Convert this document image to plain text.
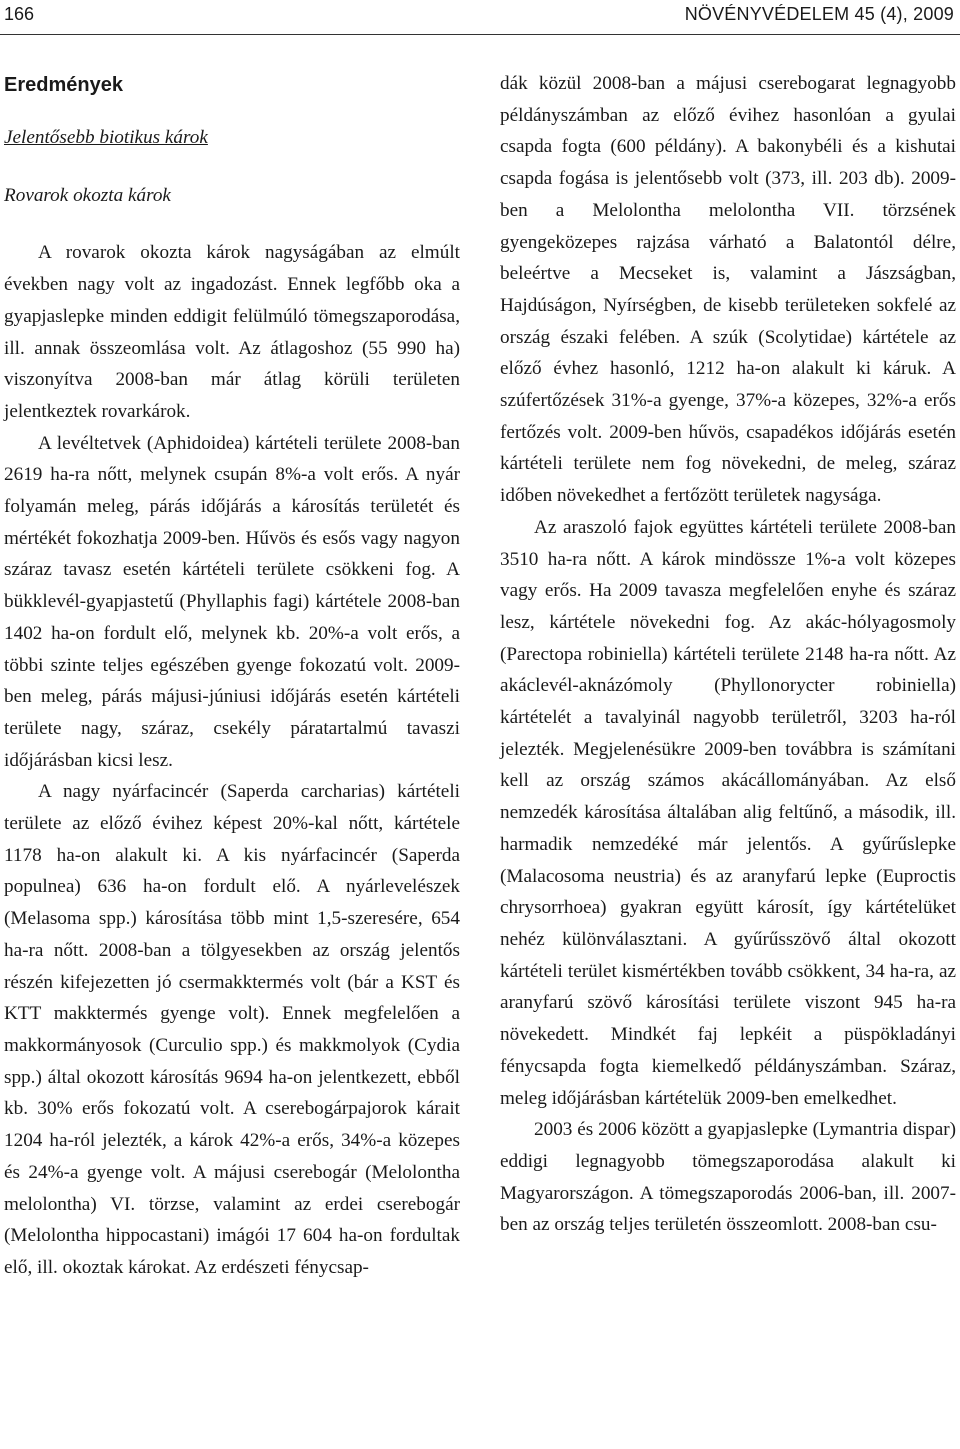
166	NÖVÉNYVÉDELEM 45 (4), 2009

Eredmények

Jelentősebb biotikus károk

Rovarok okozta károk

A rovarok okozta károk nagyságában az elmúlt években nagy volt az ingadozást. Ennek legfőbb oka a gyapjaslepke minden eddigit felülmúló tömegszaporodása, ill. annak összeomlása volt. Az átlagoshoz (55 990 ha) viszonyítva 2008-ban már átlag körüli területen jelentkeztek rovarkárok.

A levéltetvek (Aphidoidea) kártételi területe 2008-ban 2619 ha-ra nőtt, melynek csupán 8%-a volt erős. A nyár folyamán meleg, párás időjárás a károsítás területét és mértékét fokozhatja 2009-ben. Hűvös és esős vagy nagyon száraz tavasz esetén kártételi területe csökkeni fog. A bükklevél-gyapjastetű (Phyllaphis fagi) kártétele 2008-ban 1402 ha-on fordult elő, melynek kb. 20%-a volt erős, a többi szinte teljes egészében gyenge fokozatú volt. 2009-ben meleg, párás májusi-júniusi időjárás esetén kártételi területe nagy, száraz, csekély páratartalmú tavaszi időjárásban kicsi lesz.

A nagy nyárfacincér (Saperda carcharias) kártételi területe az előző évihez képest 20%-kal nőtt, kártétele 1178 ha-on alakult ki. A kis nyárfacincér (Saperda populnea) 636 ha-on fordult elő. A nyárlevelészek (Melasoma spp.) károsítása több mint 1,5-szeresére, 654 ha-ra nőtt. 2008-ban a tölgyesekben az ország jelentős részén kifejezetten jó csermakktermés volt (bár a KST és KTT makktermés gyenge volt). Ennek megfelelően a makkormányosok (Curculio spp.) és makkmolyok (Cydia spp.) által okozott károsítás 9694 ha-on jelentkezett, ebből kb. 30% erős fokozatú volt. A cserebogárpajorok kárait 1204 ha-ról jelezték, a károk 42%-a erős, 34%-a közepes és 24%-a gyenge volt. A májusi cserebogár (Melolontha melolontha) VI. törzse, valamint az erdei cserebogár (Melolontha hippocastani) imágói 17 604 ha-on fordultak elő, ill. okoztak károkat. Az erdészeti fénycsap-

dák közül 2008-ban a májusi cserebogarat legnagyobb példányszámban az előző évihez hasonlóan a gyulai csapda fogta (600 példány). A bakonybéli és a kishutai csapda fogása is jelentősebb volt (373, ill. 203 db). 2009-ben a Melolontha melolontha VII. törzsének gyengeközepes rajzása várható a Balatontól délre, beleértve a Mecseket is, valamint a Jászságban, Hajdúságon, Nyírségben, de kisebb területeken sokfelé az ország északi felében. A szúk (Scolytidae) kártétele az előző évhez hasonló, 1212 ha-on alakult ki káruk. A szúfertőzések 31%-a gyenge, 37%-a közepes, 32%-a erős fertőzés volt. 2009-ben hűvös, csapadékos időjárás esetén kártételi területe nem fog növekedni, de meleg, száraz időben növekedhet a fertőzött területek nagysága.

Az araszoló fajok együttes kártételi területe 2008-ban 3510 ha-ra nőtt. A károk mindössze 1%-a volt közepes vagy erős. Ha 2009 tavasza megfelelően enyhe és száraz lesz, kártétele növekedni fog. Az akác-hólyagosmoly (Parectopa robiniella) kártételi területe 2148 ha-ra nőtt. Az akáclevél-aknázómoly (Phyllonorycter robiniella) kártételét a tavalyinál nagyobb területről, 3203 ha-ról jelezték. Megjelenésükre 2009-ben továbbra is számítani kell az ország számos akácállományában. Az első nemzedék károsítása általában alig feltűnő, a második, ill. harmadik nemzedéké már jelentős. A gyűrűslepke (Malacosoma neustria) és az aranyfarú lepke (Euproctis chrysorrhoea) gyakran együtt károsít, így kártételüket nehéz különválasztani. A gyűrűsszövő által okozott kártételi terület kismértékben tovább csökkent, 34 ha-ra, az aranyfarú szövő károsítási területe viszont 945 ha-ra növekedett. Mindkét faj lepkéit a püspökladányi fénycsapda fogta kiemelkedő példányszámban. Száraz, meleg időjárásban kártételük 2009-ben emelkedhet.

2003 és 2006 között a gyapjaslepke (Lymantria dispar) eddigi legnagyobb tömegszaporodása alakult ki Magyarországon. A tömegszaporodás 2006-ban, ill. 2007-ben az ország teljes területén összeomlott. 2008-ban csu-
